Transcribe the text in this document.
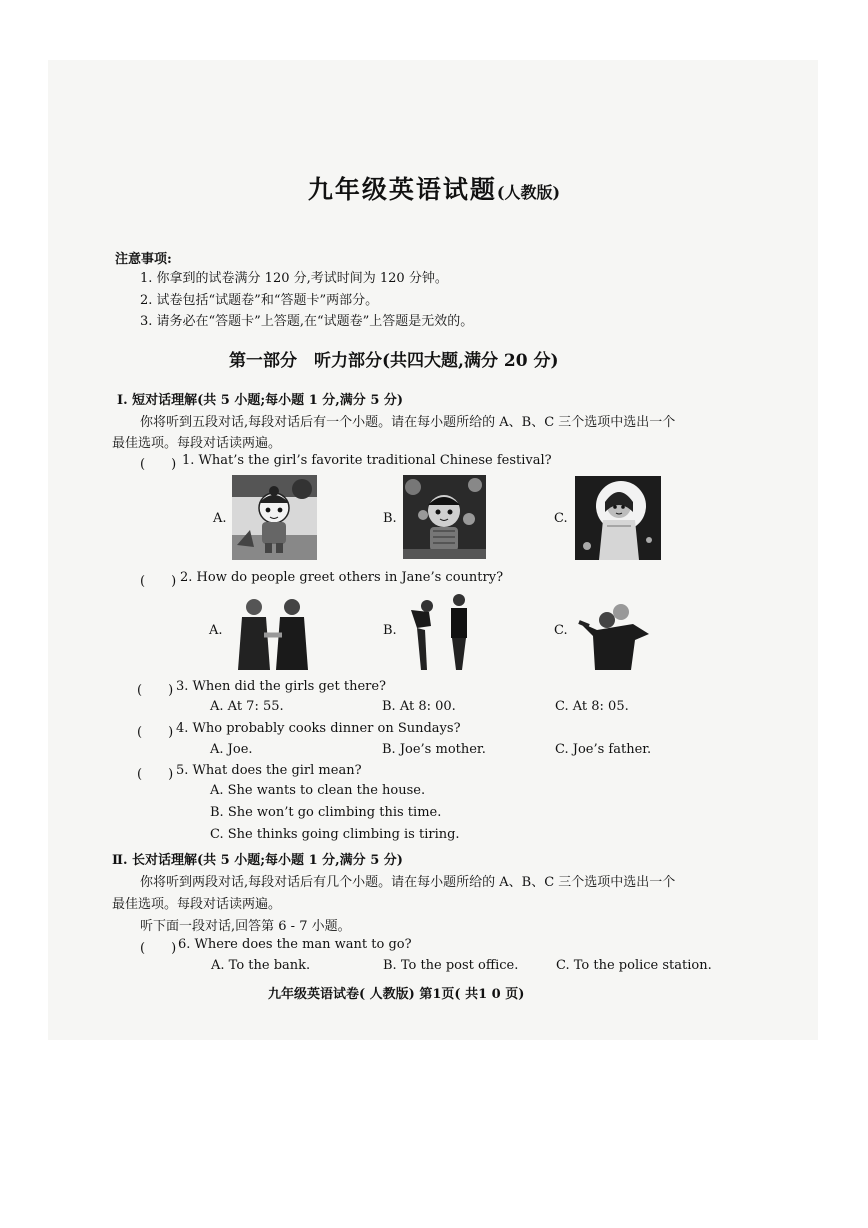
九年级英语试题(人教版)
注意事项:
1. 你拿到的试卷满分 120 分,考试时间为 120 分钟。
2. 试卷包括“试题卷”和“答题卡”两部分。
3. 请务必在“答题卡”上答题,在“试题卷”上答题是无效的。
第一部分　听力部分(共四大题,满分 20 分)
Ⅰ. 短对话理解(共 5 小题;每小题 1 分,满分 5 分)
你将听到五段对话,每段对话后有一个小题。请在每小题所给的 A、B、C 三个选项中选出一个
最佳选项。每段对话读两遍。
(　　) 1. What’s the girl’s favorite traditional Chinese festival?
A.	B.	C.
(　　) 2. How do people greet others in Jane’s country?
A.	B.	C.
(　　) 3. When did the girls get there?
A. At 7: 55.	B. At 8: 00.	C. At 8: 05.
(　　) 4. Who probably cooks dinner on Sundays?
A. Joe.	B. Joe’s mother.	C. Joe’s father.
(　　) 5. What does the girl mean?
A. She wants to clean the house.
B. She won’t go climbing this time.
C. She thinks going climbing is tiring.
Ⅱ. 长对话理解(共 5 小题;每小题 1 分,满分 5 分)
你将听到两段对话,每段对话后有几个小题。请在每小题所给的 A、B、C 三个选项中选出一个
最佳选项。每段对话读两遍。
听下面一段对话,回答第 6 - 7 小题。
(　　) 6. Where does the man want to go?
A. To the bank.	B. To the post office.	C. To the police station.
九年级英语试卷( 人教版) 第1页( 共1 0 页)
